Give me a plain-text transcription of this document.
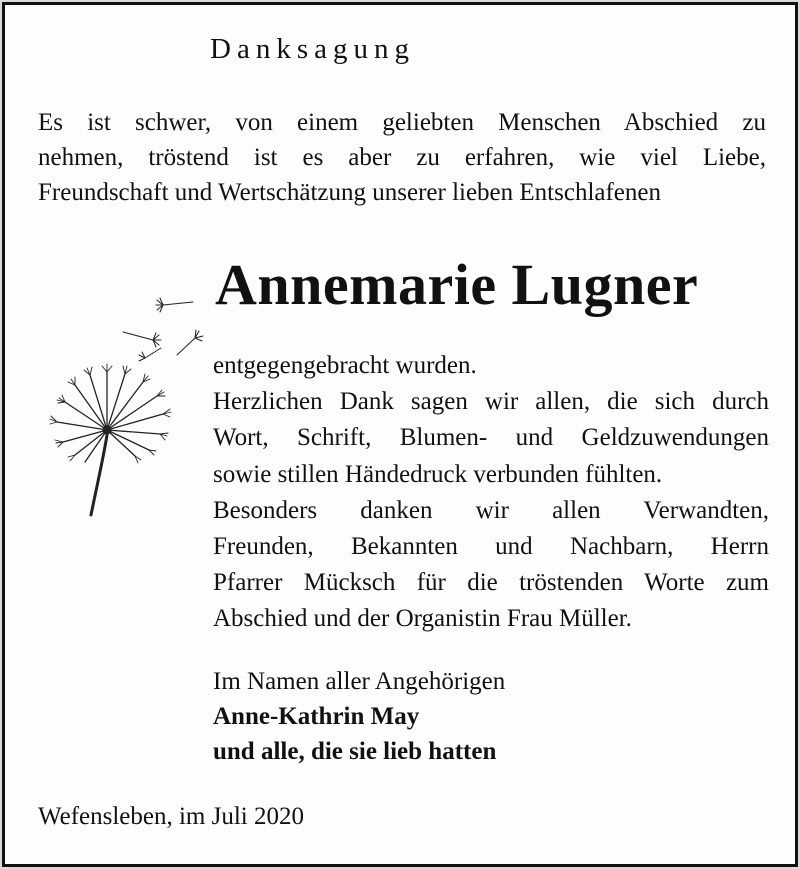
Danksagung

Es ist schwer, von einem geliebten Menschen Abschied zu
nehmen, tröstend ist es aber zu erfahren, wie viel Liebe,
Freundschaft und Wertschätzung unserer lieben Entschlafenen

Annemarie Lugner

entgegengebracht wurden.
Herzlichen Dank sagen wir allen, die sich durch
Wort, Schrift, Blumen- und Geldzuwendungen
sowie stillen Händedruck verbunden fühlten.
Besonders danken wir allen Verwandten,
Freunden, Bekannten und Nachbarn, Herrn
Pfarrer Mücksch für die tröstenden Worte zum
Abschied und der Organistin Frau Müller.

Im Namen aller Angehörigen
Anne-Kathrin May
und alle, die sie lieb hatten
Wefensleben, im Juli 2020
